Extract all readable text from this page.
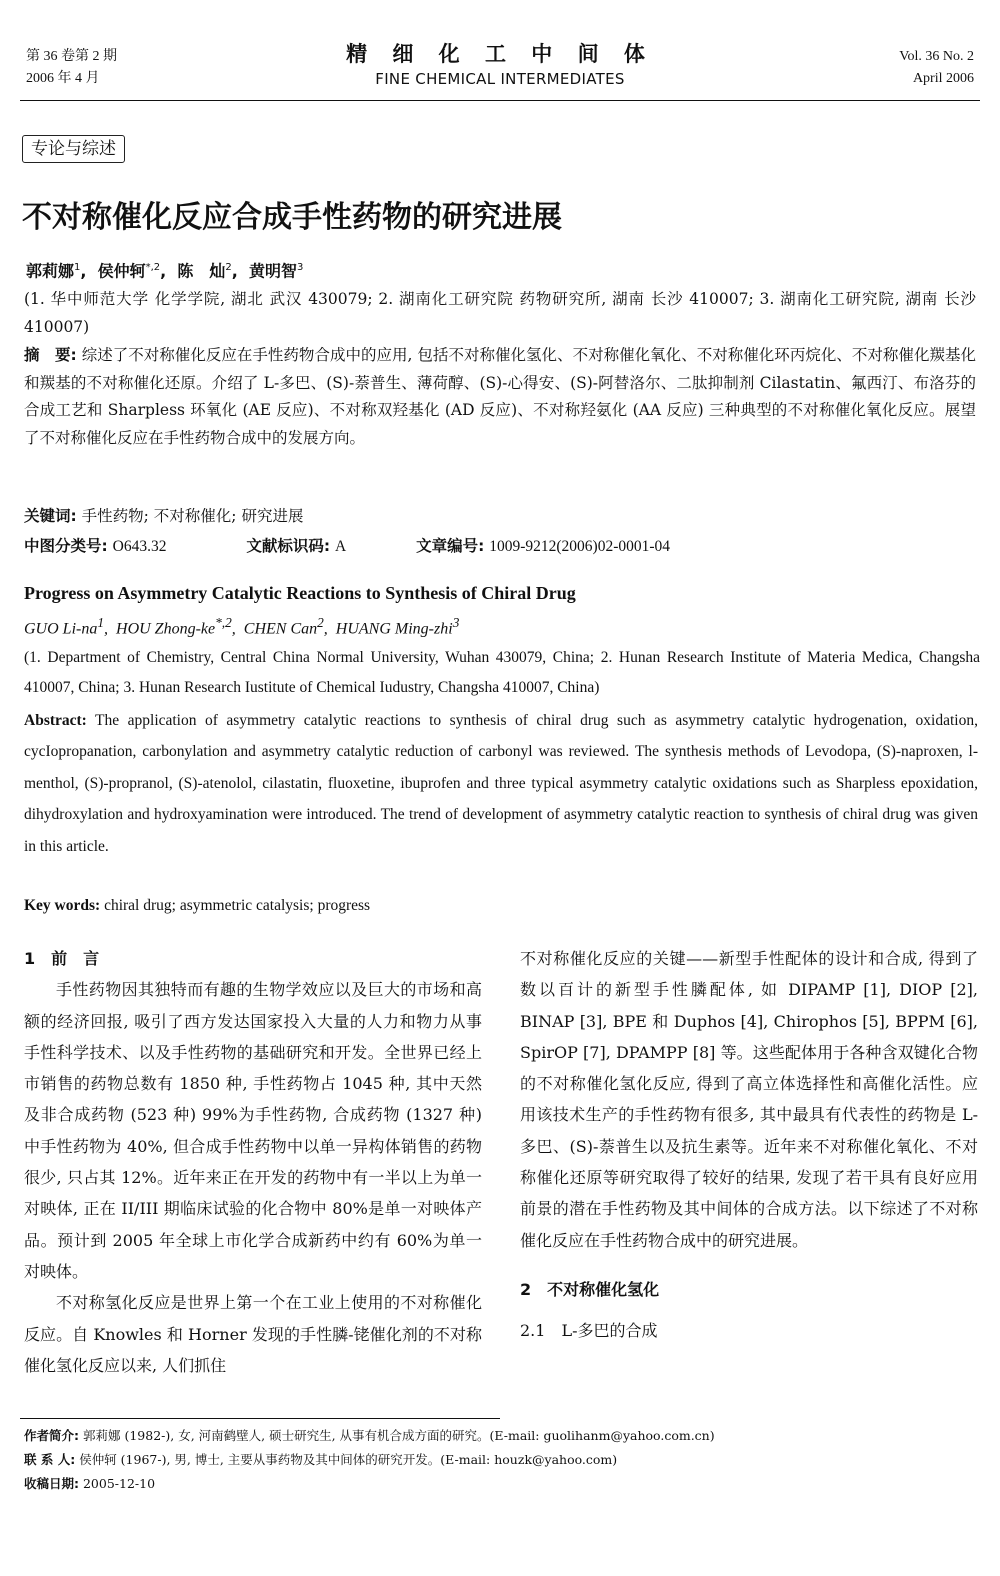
第 36 卷第 2 期
2006 年 4 月
精 细 化 工 中 间 体
FINE CHEMICAL INTERMEDIATES
Vol. 36 No. 2
April 2006
专论与综述
不对称催化反应合成手性药物的研究进展
郭莉娜$^1$,  侯仲轲$^{*,2}$,  陈　灿$^2$,  黄明智$^3$
(1. 华中师范大学 化学学院, 湖北 武汉 430079; 2. 湖南化工研究院 药物研究所, 湖南 长沙 410007; 3. 湖南化工研究院, 湖南 长沙 410007)
摘　要: 综述了不对称催化反应在手性药物合成中的应用, 包括不对称催化氢化、不对称催化氧化、不对称催化环丙烷化、不对称催化羰基化和羰基的不对称催化还原。介绍了 L-多巴、(S)-萘普生、薄荷醇、(S)-心得安、(S)-阿替洛尔、二肽抑制剂 Cilastatin、氟西汀、布洛芬的合成工艺和 Sharpless 环氧化 (AE 反应)、不对称双羟基化 (AD 反应)、不对称羟氨化 (AA 反应) 三种典型的不对称催化氧化反应。展望了不对称催化反应在手性药物合成中的发展方向。
关键词: 手性药物; 不对称催化; 研究进展
中图分类号: O643.32	文献标识码: A	文章编号: 1009-9212(2006)02-0001-04
Progress on Asymmetry Catalytic Reactions to Synthesis of Chiral Drug
GUO $Li-na^1$,  HOU Zhong-$ke^{*,2}$,  CHEN Can$^2$,  HUANG Ming-zhi$^3$
(1. Department of Chemistry, Central China Normal University, Wuhan 430079, China; 2. Hunan Research Institute of Materia Medica, Changsha 410007, China; 3. Hunan Research Iustitute of Chemical Iudustry, Changsha 410007, China)
Abstract: The application of asymmetry catalytic reactions to synthesis of chiral drug such as asymmetry catalytic hydrogenation, oxidation, cycIopropanation, carbonylation and asymmetry catalytic reduction of carbonyl was reviewed. The synthesis methods of Levodopa, (S)-naproxen, l-menthol, (S)-propranol, (S)-atenolol, cilastatin, fluoxetine, ibuprofen and three typical asymmetry catalytic oxidations such as Sharpless epoxidation, dihydroxylation and hydroxyamination were introduced. The trend of development of asymmetry catalytic reaction to synthesis of chiral drug was given in this article.
Key words: chiral drug; asymmetric catalysis; progress
1　前　言

手性药物因其独特而有趣的生物学效应以及巨大的市场和高额的经济回报, 吸引了西方发达国家投入大量的人力和物力从事手性科学技术、以及手性药物的基础研究和开发。全世界已经上市销售的药物总数有 1850 种, 手性药物占 1045 种, 其中天然及非合成药物 (523 种) 99%为手性药物, 合成药物 (1327 种) 中手性药物为 40%, 但合成手性药物中以单一异构体销售的药物很少, 只占其 12%。近年来正在开发的药物中有一半以上为单一对映体, 正在 II/III 期临床试验的化合物中 80%是单一对映体产品。预计到 2005 年全球上市化学合成新药中约有 60%为单一对映体。

不对称氢化反应是世界上第一个在工业上使用的不对称催化反应。自 Knowles 和 Horner 发现的手性膦-铑催化剂的不对称催化氢化反应以来, 人们抓住

不对称催化反应的关键——新型手性配体的设计和合成, 得到了数以百计的新型手性膦配体, 如 DIPAMP [1], DIOP [2], BINAP [3], BPE 和 Duphos [4], Chirophos [5], BPPM [6], SpirOP [7], DPAMPP [8] 等。这些配体用于各种含双键化合物的不对称催化氢化反应, 得到了高立体选择性和高催化活性。应用该技术生产的手性药物有很多, 其中最具有代表性的药物是 L-多巴、(S)-萘普生以及抗生素等。近年来不对称催化氧化、不对称催化还原等研究取得了较好的结果, 发现了若干具有良好应用前景的潜在手性药物及其中间体的合成方法。以下综述了不对称催化反应在手性药物合成中的研究进展。

2　不对称催化氢化
2.1　L-多巴的合成
作者简介: 郭莉娜 (1982-), 女, 河南鹤壁人, 硕士研究生, 从事有机合成方面的研究。(E-mail: guolihanm@yahoo.com.cn)
联 系 人: 侯仲轲 (1967-), 男, 博士, 主要从事药物及其中间体的研究开发。(E-mail: houzk@yahoo.com)
收稿日期: 2005-12-10
